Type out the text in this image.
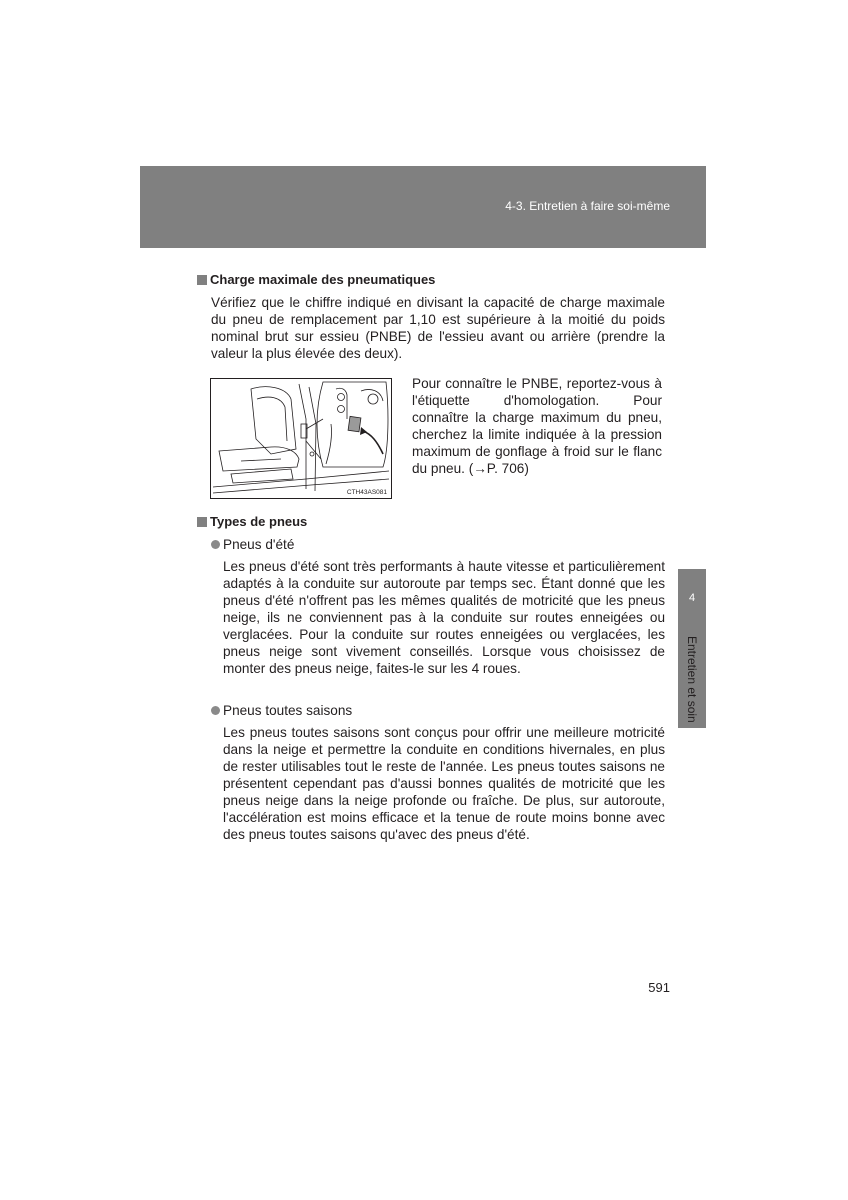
4-3. Entretien à faire soi-même
4
Entretien et soin
Charge maximale des pneumatiques

Vérifiez que le chiffre indiqué en divisant la capacité de charge maximale du pneu de remplacement par 1,10 est supérieure à la moitié du poids nominal brut sur essieu (PNBE) de l'essieu avant ou arrière (prendre la valeur la plus élevée des deux).

CTH43AS081

Pour connaître le PNBE, reportez-vous à l'étiquette d'homologation. Pour connaître la charge maximum du pneu, cherchez la limite indiquée à la pression maximum de gonflage à froid sur le flanc du pneu. (→P. 706)

Types de pneus
Pneus d'été

Les pneus d'été sont très performants à haute vitesse et particulièrement adaptés à la conduite sur autoroute par temps sec. Étant donné que les pneus d'été n'offrent pas les mêmes qualités de motricité que les pneus neige, ils ne conviennent pas à la conduite sur routes enneigées ou verglacées. Pour la conduite sur routes enneigées ou verglacées, les pneus neige sont vivement conseillés. Lorsque vous choisissez de monter des pneus neige, faites-le sur les 4 roues.

Pneus toutes saisons

Les pneus toutes saisons sont conçus pour offrir une meilleure motricité dans la neige et permettre la conduite en conditions hivernales, en plus de rester utilisables tout le reste de l'année. Les pneus toutes saisons ne présentent cependant pas d'aussi bonnes qualités de motricité que les pneus neige dans la neige profonde ou fraîche. De plus, sur autoroute, l'accélération est moins efficace et la tenue de route moins bonne avec des pneus toutes saisons qu'avec des pneus d'été.

591
